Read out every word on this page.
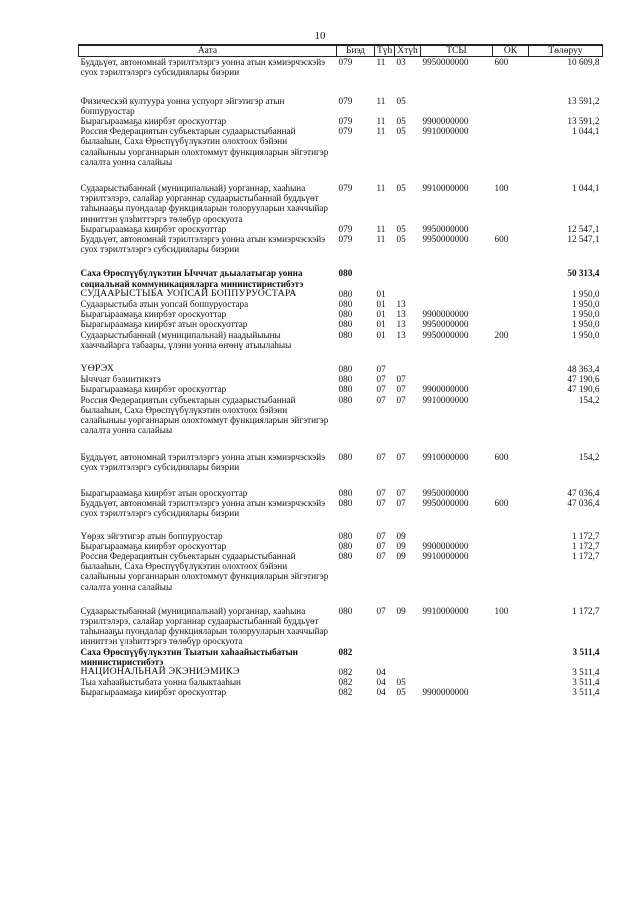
10
· · · ·
Аата	Биэд	Түһ	Хтүһ	ТСЫ	ОК	Төлөруу
Буддьүөт, автономнай тэрилтэлэргэ уонна атын кэмиэрчэскэйэ суох тэрилтэлэргэ субсидиялары биэрии	079	11	03	9950000000	600	10 609,8

Физическэй култуура уонна успуорт эйгэтигэр атын боппуруостар	079	11	05			13 591,2
Бырагыраамаҕа киирбэт ороскуоттар	079	11	05	9900000000		13 591,2
Россия Федерациятын субъектарын судаарыстыбаннай былааһын, Саха Өрөспүүбүлүкэтин олохтоох бэйэни салайыныы уорганнарын олохтоммут функцияларын эйгэтигэр салалта уонна салайыы	079	11	05	9910000000		1 044,1

Судаарыстыбаннай (муниципальнай) уорганнар, хааһына тэрилтэлэрэ, салайар уорганнар судаарыстыбаннай буддьүөт таһынааҕы пуондалар функцияларын толорууларын хааччыйар инниттэн үлэһиттэргэ төлөбүр ороскуота	079	11	05	9910000000	100	1 044,1
Бырагыраамаҕа киирбэт ороскуоттар	079	11	05	9950000000		12 547,1
Буддьүөт, автономнай тэрилтэлэргэ уонна атын кэмиэрчэскэйэ суох тэрилтэлэргэ субсидиялары биэрии	079	11	05	9950000000	600	12 547,1

Саха Өрөспүүбүлүкэтин Ычччат дьыалатыгар уонна социальнай коммуникацияларга миниистиристибэтэ	080					50 313,4
СУДААРЫСТЫБА УОПСАЙ БОППУРУОСТАРА	080	01				1 950,0
Судаарыстыба атын уопсай боппуруостара	080	01	13			1 950,0
Бырагыраамаҕа киирбэт ороскуоттар	080	01	13	9900000000		1 950,0
Бырагыраамаҕа киирбэт атын ороскуоттар	080	01	13	9950000000		1 950,0
Судаарыстыбаннай (муниципальнай) наадыйыыны хааччыйарга табаары, үлэни уонна өҥөнү атыылаһыы	080	01	13	9950000000	200	1 950,0

ҮӨРЭХ	080	07				48 363,4
Ычччат бэлиитикэтэ	080	07	07			47 190,6
Бырагыраамаҕа киирбэт ороскуоттар	080	07	07	9900000000		47 190,6
Россия Федерациятын субъектарын судаарыстыбаннай былааһын, Саха Өрөспүүбүлүкэтин олохтоох бэйэни салайыныы уорганнарын олохтоммут функцияларын эйгэтигэр салалта уонна салайыы	080	07	07	9910000000		154,2

Буддьүөт, автономнай тэрилтэлэргэ уонна атын кэмиэрчэскэйэ суох тэрилтэлэргэ субсидиялары биэрии	080	07	07	9910000000	600	154,2

Бырагыраамаҕа киирбэт атын ороскуоттар	080	07	07	9950000000		47 036,4
Буддьүөт, автономнай тэрилтэлэргэ уонна атын кэмиэрчэскэйэ суох тэрилтэлэргэ субсидиялары биэрии	080	07	07	9950000000	600	47 036,4

Үөрэх эйгэтигэр атын боппуруостар	080	07	09			1 172,7
Бырагыраамаҕа киирбэт ороскуоттар	080	07	09	9900000000		1 172,7
Россия Федерациятын субъектарын судаарыстыбаннай былааһын, Саха Өрөспүүбүлүкэтин олохтоох бэйэни салайыныы уорганнарын олохтоммут функцияларын эйгэтигэр салалта уонна салайыы	080	07	09	9910000000		1 172,7

Судаарыстыбаннай (муниципальнай) уорганнар, хааһына тэрилтэлэрэ, салайар уорганнар судаарыстыбаннай буддьүөт таһынааҕы пуондалар функцияларын толорууларын хааччыйар инниттэн үлэһиттэргэ төлөбүр ороскуота	080	07	09	9910000000	100	1 172,7
Саха Өрөспүүбүлүкэтин Тыатын хаһаайыстыбатын миниистиристибэтэ	082					3 511,4
НАЦИОНАЛЬНАЙ ЭКЭНИЭМИКЭ	082	04				3 511,4
Тыа хаһаайыстыбата уонна балыктааһын	082	04	05			3 511,4
Бырагыраамаҕа киирбэт ороскуоттар	082	04	05	9900000000		3 511,4
